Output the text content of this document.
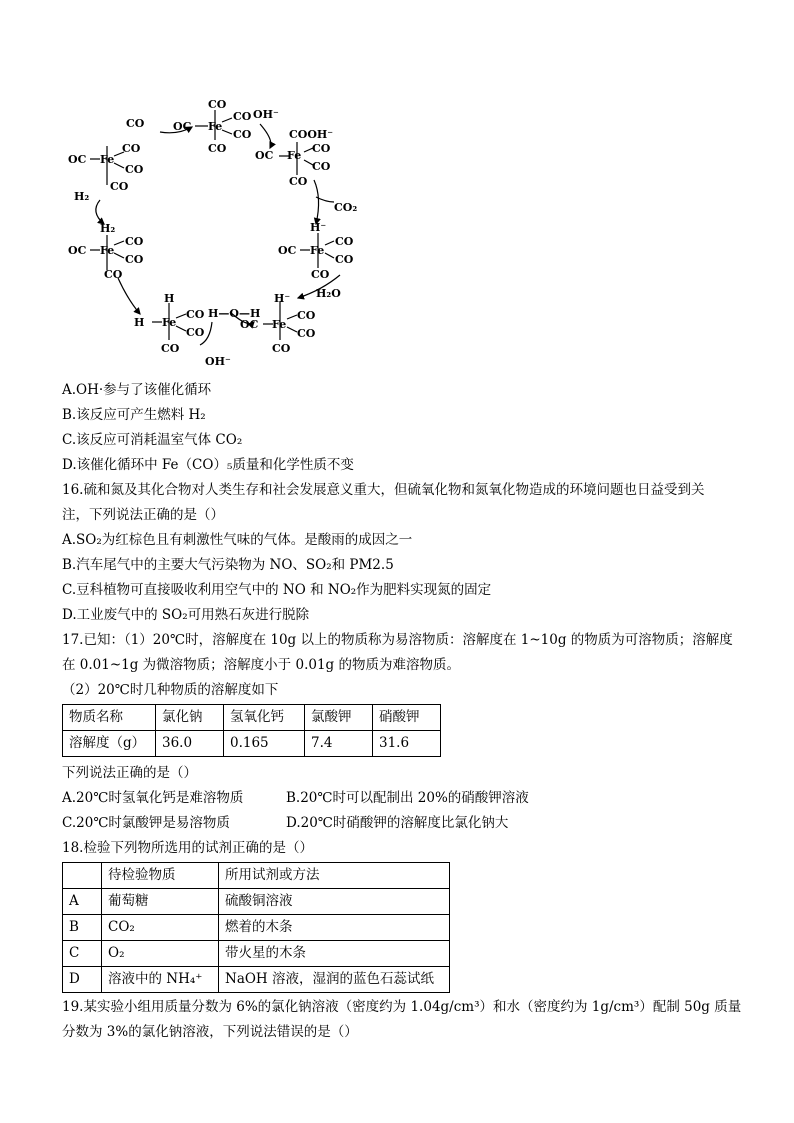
CO
OC Fe
CO
CO
CO
CO
OH⁻
CO
OC Fe
CO
CO
H₂
COOH⁻
OC Fe
CO
CO
CO
CO₂
H₂
OC Fe
CO
CO
CO
H⁻
OC Fe
CO
CO
CO
H₂O
H
H Fe
CO
CO
CO
H—O—H
OH⁻
H⁻
OC Fe
CO
CO
CO
A.OH·参与了该催化循环
B.该反应可产生燃料 H₂
C.该反应可消耗温室气体 CO₂
D.该催化循环中 Fe（CO）₅质量和化学性质不变
16.硫和氮及其化合物对人类生存和社会发展意义重大，但硫氧化物和氮氧化物造成的环境问题也日益受到关
注，下列说法正确的是（）
A.SO₂为红棕色且有刺激性气味的气体。是酸雨的成因之一
B.汽车尾气中的主要大气污染物为 NO、SO₂和 PM2.5
C.豆科植物可直接吸收利用空气中的 NO 和 NO₂作为肥料实现氮的固定
D.工业废气中的 SO₂可用熟石灰进行脱除
17.已知：（1）20℃时，溶解度在 10g 以上的物质称为易溶物质：溶解度在 1~10g 的物质为可溶物质；溶解度
在 0.01~1g 为微溶物质；溶解度小于 0.01g 的物质为难溶物质。
（2）20℃时几种物质的溶解度如下
物质名称	氯化钠	氢氧化钙	氯酸钾	硝酸钾
溶解度（g）	36.0	0.165	7.4	31.6
下列说法正确的是（）
A.20℃时氢氧化钙是难溶物质	B.20℃时可以配制出 20%的硝酸钾溶液
C.20℃时氯酸钾是易溶物质	D.20℃时硝酸钾的溶解度比氯化钠大
18.检验下列物所选用的试剂正确的是（）
	待检验物质	所用试剂或方法
A	葡萄糖	硫酸铜溶液
B	CO₂	燃着的木条
C	O₂	带火星的木条
D	溶液中的 NH₄⁺	NaOH 溶液，湿润的蓝色石蕊试纸
19.某实验小组用质量分数为 6%的氯化钠溶液（密度约为 1.04g/cm³）和水（密度约为 1g/cm³）配制 50g 质量
分数为 3%的氯化钠溶液，下列说法错误的是（）
